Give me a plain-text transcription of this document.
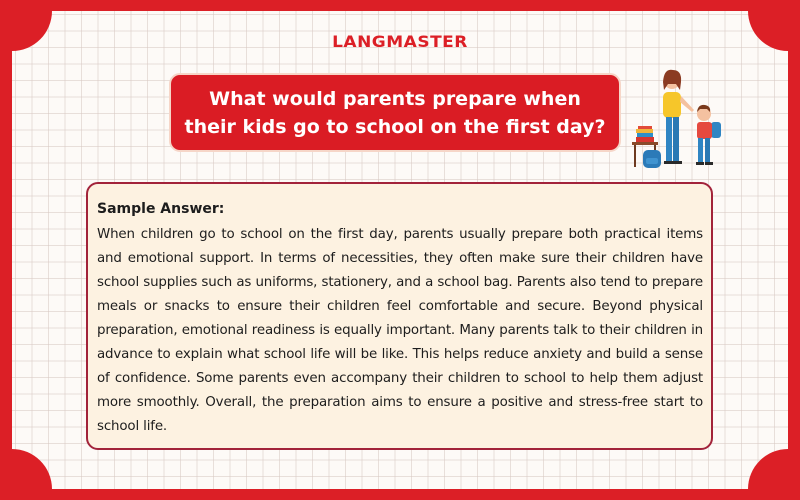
LANGMASTER
What would parents prepare when their kids go to school on the first day?
Sample Answer:

When children go to school on the first day, parents usually prepare both practical items and emotional support. In terms of necessities, they often make sure their children have school supplies such as uniforms, stationery, and a school bag. Parents also tend to prepare meals or snacks to ensure their children feel comfortable and secure. Beyond physical preparation, emotional readiness is equally important. Many parents talk to their children in advance to explain what school life will be like. This helps reduce anxiety and build a sense of confidence. Some parents even accompany their children to school to help them adjust more smoothly. Overall, the preparation aims to ensure a positive and stress-free start to school life.
